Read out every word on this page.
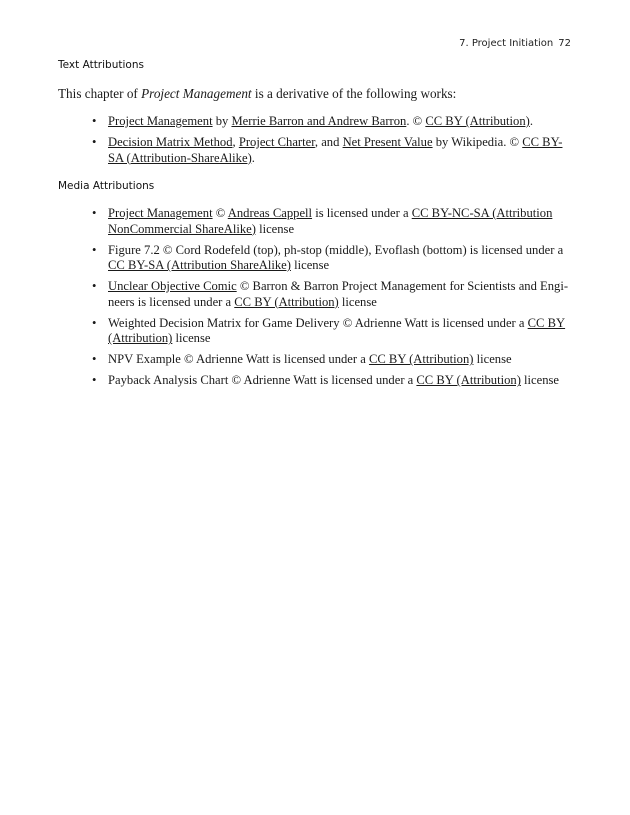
7. Project Initiation 72
Text Attributions

This chapter of Project Management is a derivative of the following works:

• Project Management by Merrie Barron and Andrew Barron. © CC BY (Attribution).
• Decision Matrix Method, Project Charter, and Net Present Value by Wikipedia. © CC BY-SA (Attribution-ShareAlike).
Media Attributions
• Project Management © Andreas Cappell is licensed under a CC BY-NC-SA (Attribution NonCommercial ShareAlike) license
• Figure 7.2 © Cord Rodefeld (top), ph-stop (middle), Evoflash (bottom) is licensed under a CC BY-SA (Attribution ShareAlike) license
• Unclear Objective Comic © Barron & Barron Project Management for Scientists and Engi-
neers is licensed under a CC BY (Attribution) license
• Weighted Decision Matrix for Game Delivery © Adrienne Watt is licensed under a CC BY (Attribution) license
• NPV Example © Adrienne Watt is licensed under a CC BY (Attribution) license
• Payback Analysis Chart © Adrienne Watt is licensed under a CC BY (Attribution) license
